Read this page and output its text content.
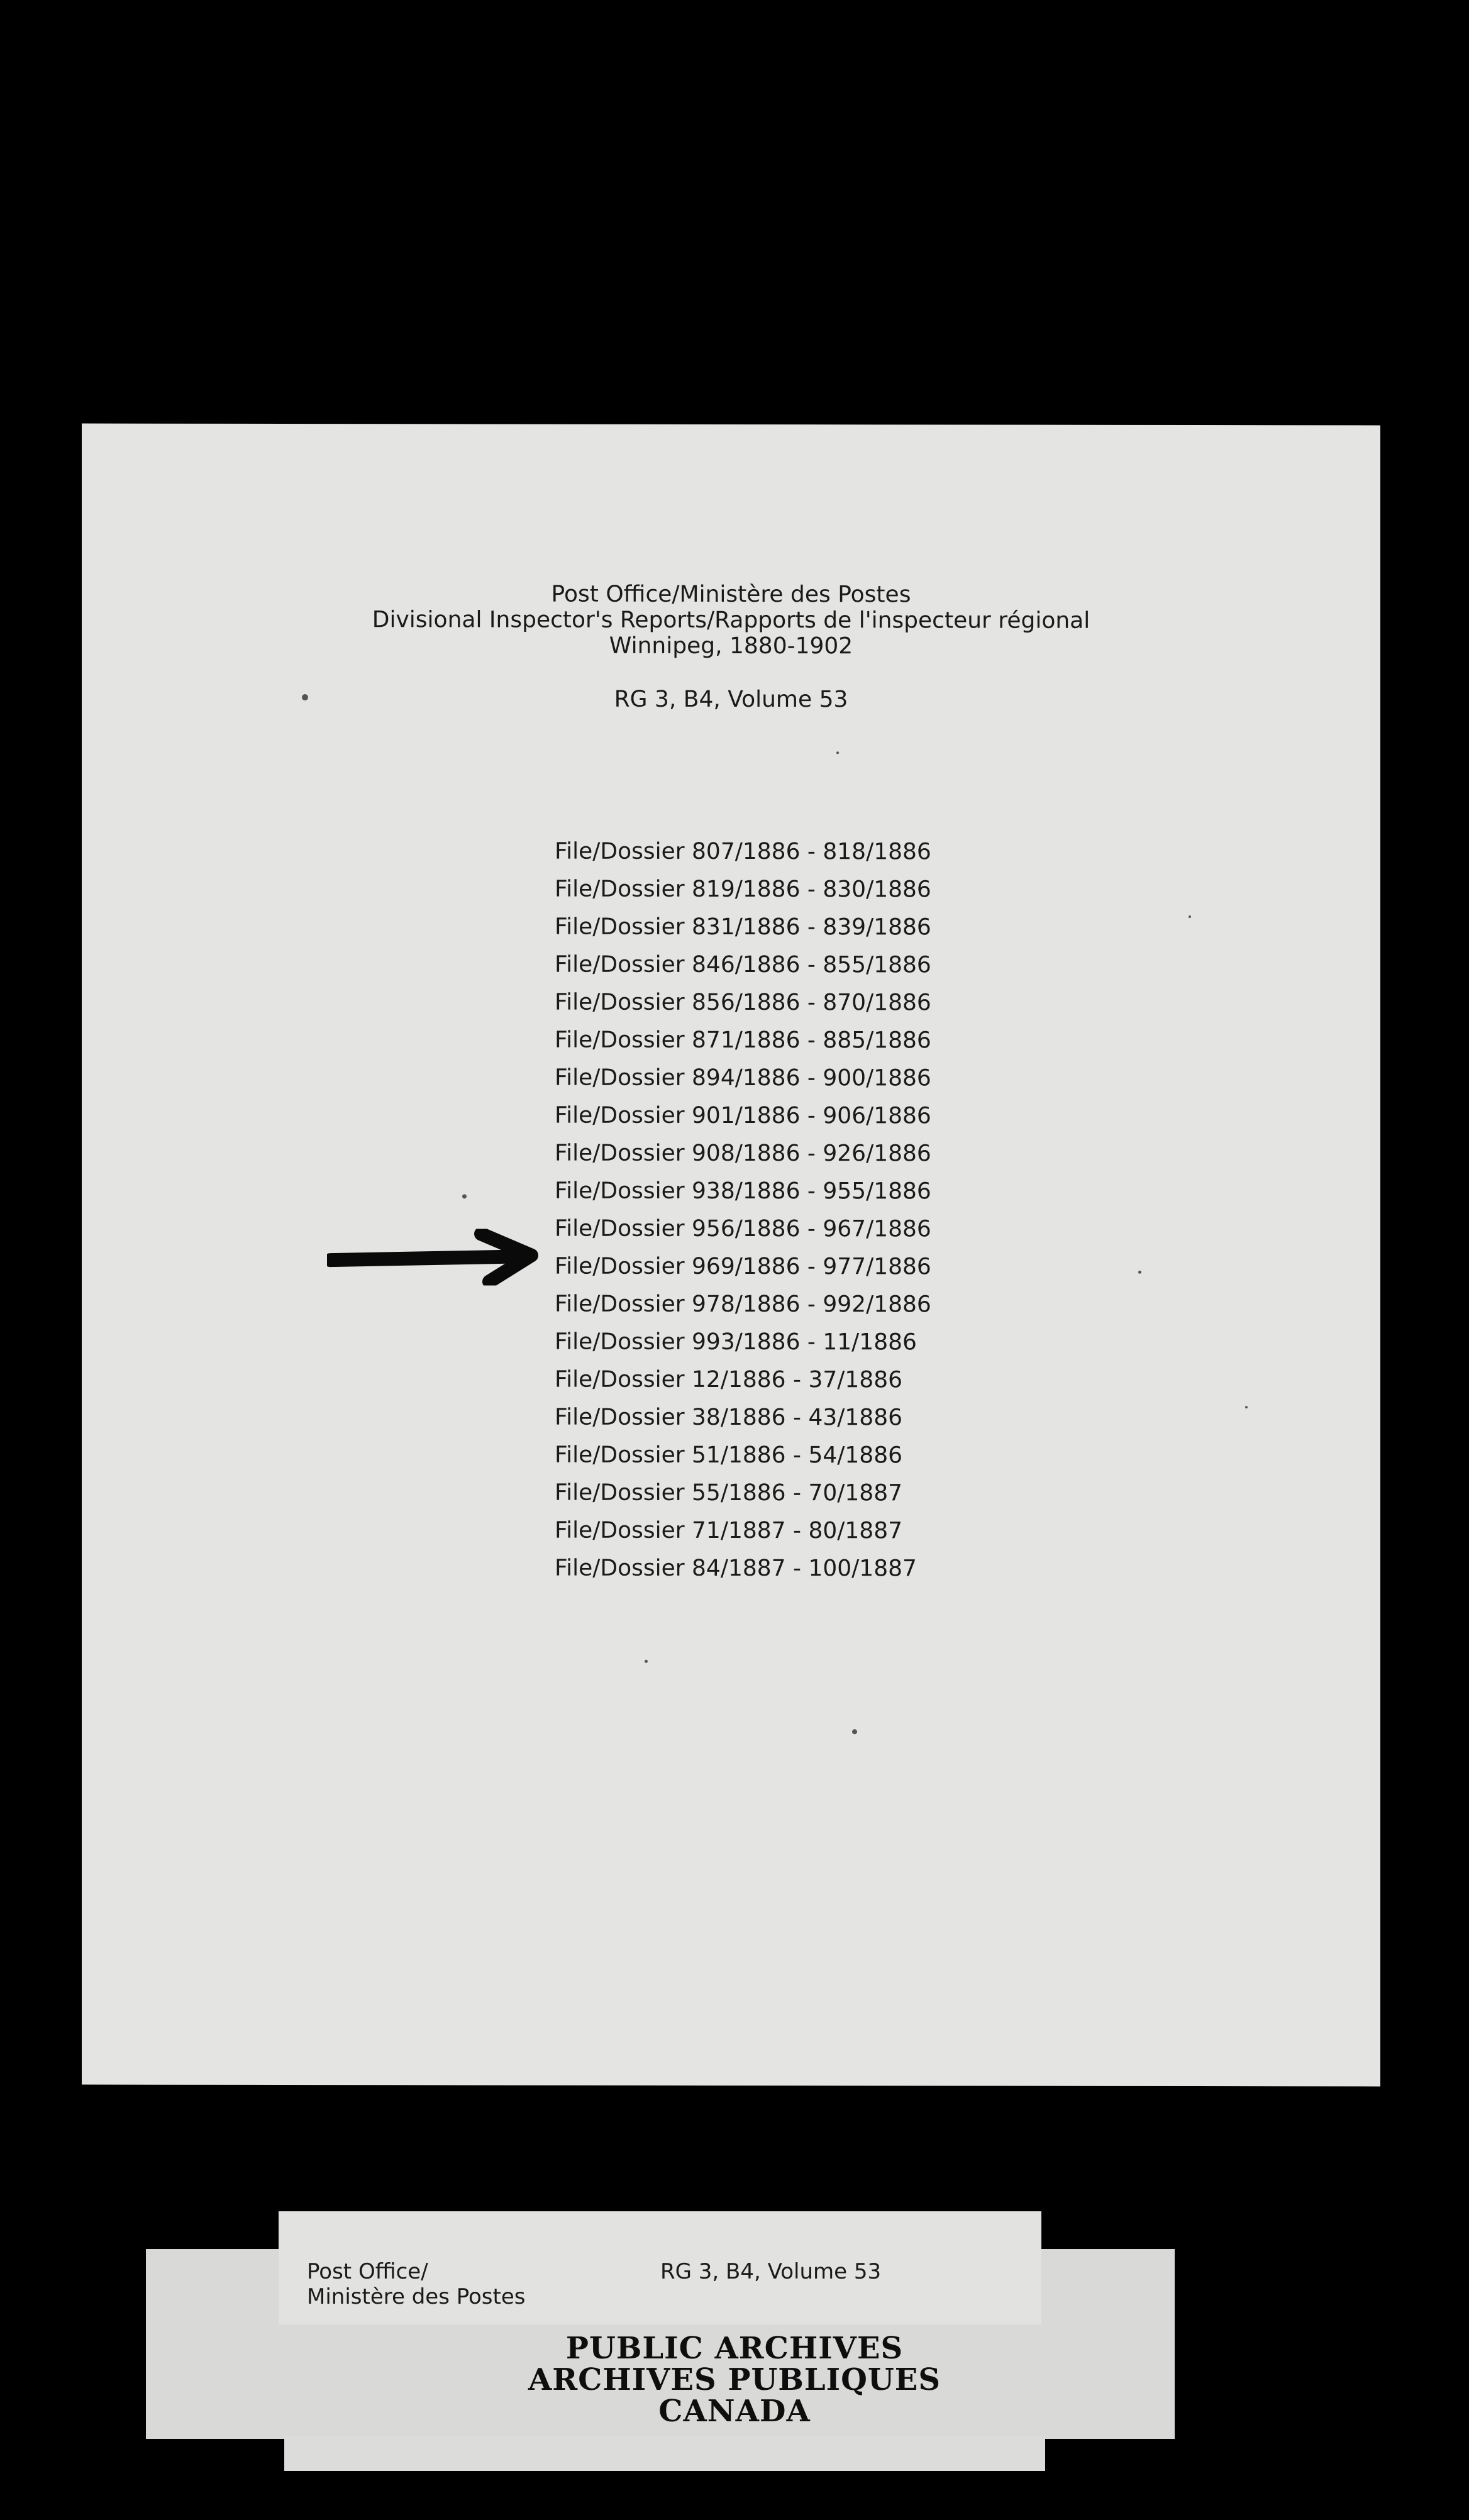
Post Office/Ministère des Postes
Divisional Inspector's Reports/Rapports de l'inspecteur régional
Winnipeg, 1880-1902
RG 3, B4, Volume 53
File/Dossier 807/1886 - 818/1886
File/Dossier 819/1886 - 830/1886
File/Dossier 831/1886 - 839/1886
File/Dossier 846/1886 - 855/1886
File/Dossier 856/1886 - 870/1886
File/Dossier 871/1886 - 885/1886
File/Dossier 894/1886 - 900/1886
File/Dossier 901/1886 - 906/1886
File/Dossier 908/1886 - 926/1886
File/Dossier 938/1886 - 955/1886
File/Dossier 956/1886 - 967/1886
File/Dossier 969/1886 - 977/1886
File/Dossier 978/1886 - 992/1886
File/Dossier 993/1886 - 11/1886
File/Dossier 12/1886 - 37/1886
File/Dossier 38/1886 - 43/1886
File/Dossier 51/1886 - 54/1886
File/Dossier 55/1886 - 70/1887
File/Dossier 71/1887 - 80/1887
File/Dossier 84/1887 - 100/1887
Post Office/
Ministère des Postes
RG 3, B4, Volume 53
PUBLIC ARCHIVES
ARCHIVES PUBLIQUES
CANADA
